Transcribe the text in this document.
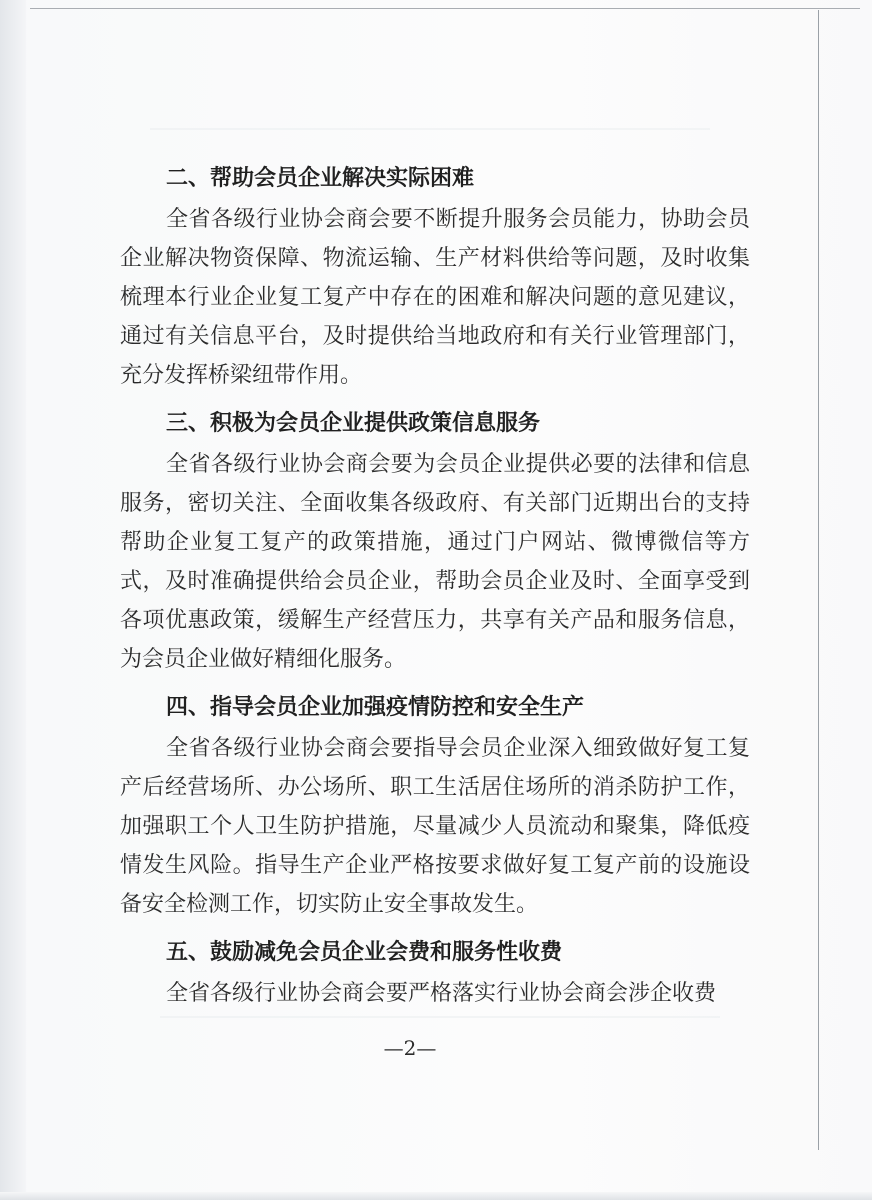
二、帮助会员企业解决实际困难

全省各级行业协会商会要不断提升服务会员能力，协助会员企业解决物资保障、物流运输、生产材料供给等问题，及时收集梳理本行业企业复工复产中存在的困难和解决问题的意见建议，通过有关信息平台，及时提供给当地政府和有关行业管理部门，充分发挥桥梁纽带作用。

三、积极为会员企业提供政策信息服务

全省各级行业协会商会要为会员企业提供必要的法律和信息服务，密切关注、全面收集各级政府、有关部门近期出台的支持帮助企业复工复产的政策措施，通过门户网站、微博微信等方式，及时准确提供给会员企业，帮助会员企业及时、全面享受到各项优惠政策，缓解生产经营压力，共享有关产品和服务信息，为会员企业做好精细化服务。

四、指导会员企业加强疫情防控和安全生产

全省各级行业协会商会要指导会员企业深入细致做好复工复产后经营场所、办公场所、职工生活居住场所的消杀防护工作，加强职工个人卫生防护措施，尽量减少人员流动和聚集，降低疫情发生风险。指导生产企业严格按要求做好复工复产前的设施设备安全检测工作，切实防止安全事故发生。

五、鼓励减免会员企业会费和服务性收费

全省各级行业协会商会要严格落实行业协会商会涉企收费

—2—
